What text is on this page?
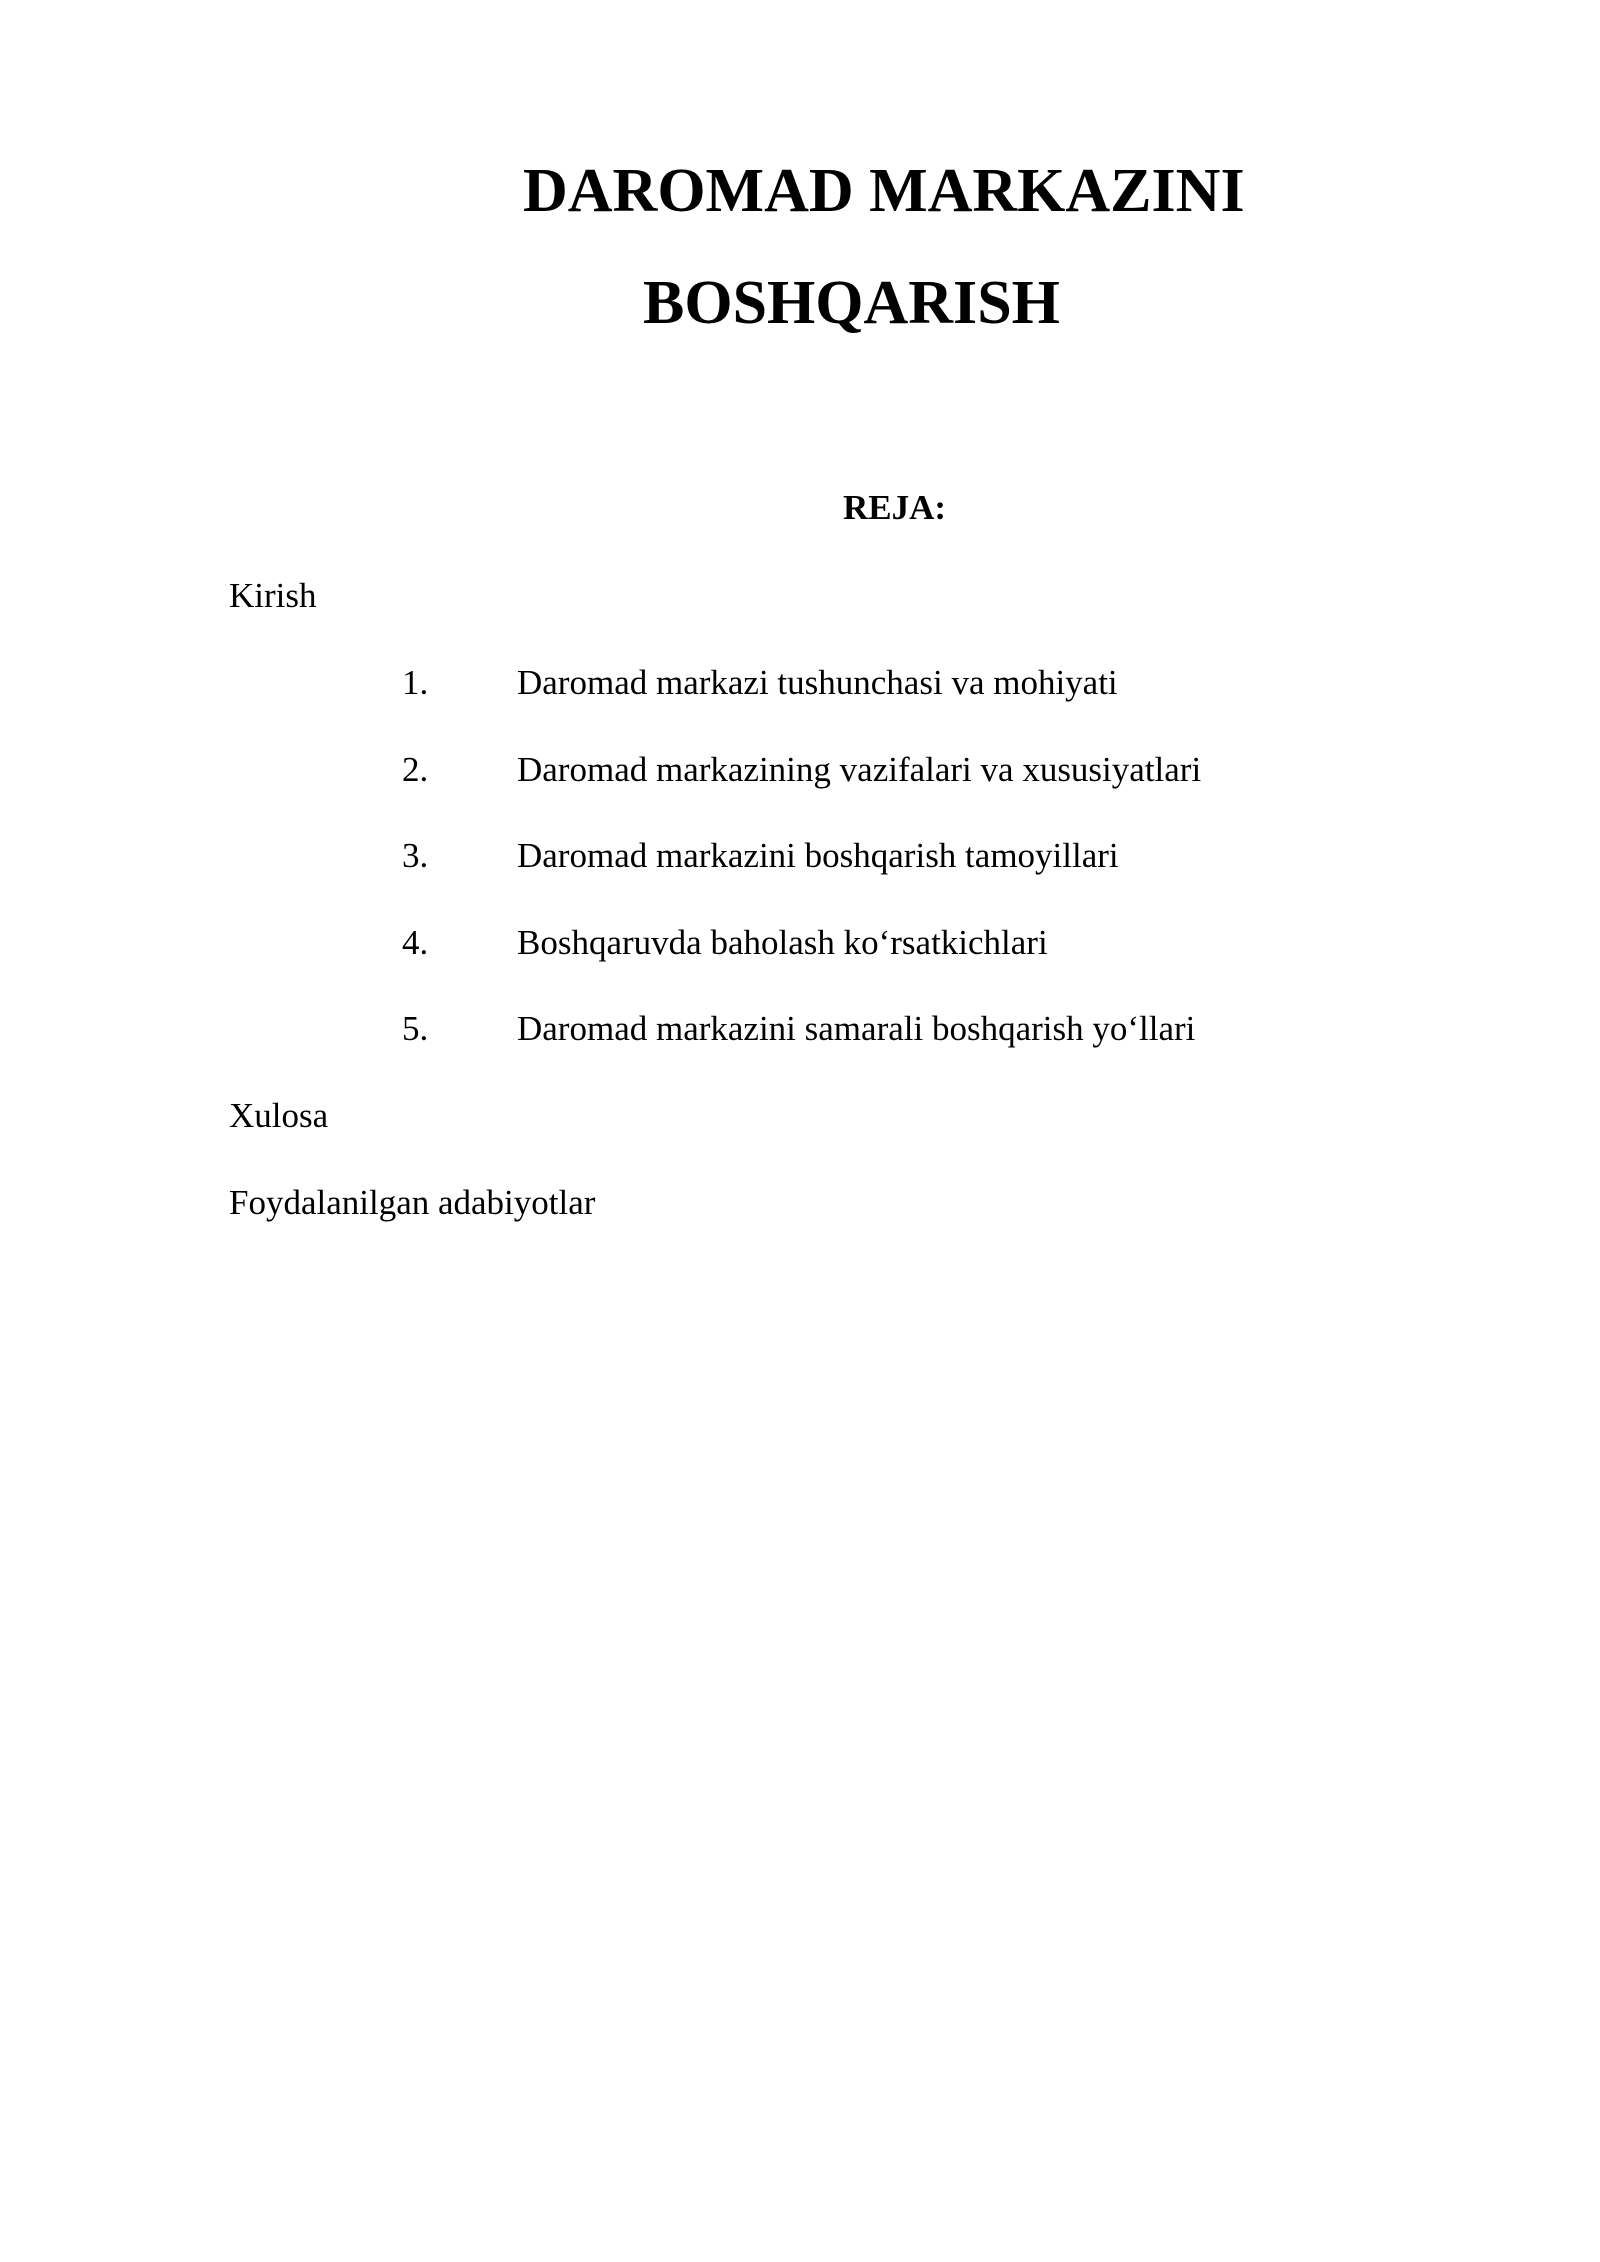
DAROMAD MARKAZINI
BOSHQARISH
REJA:
Kirish
1.	Daromad markazi tushunchasi va mohiyati
2.	Daromad markazining vazifalari va xususiyatlari
3.	Daromad markazini boshqarish tamoyillari
4.	Boshqaruvda baholash ko‘rsatkichlari
5.	Daromad markazini samarali boshqarish yo‘llari
Xulosa
Foydalanilgan adabiyotlar
